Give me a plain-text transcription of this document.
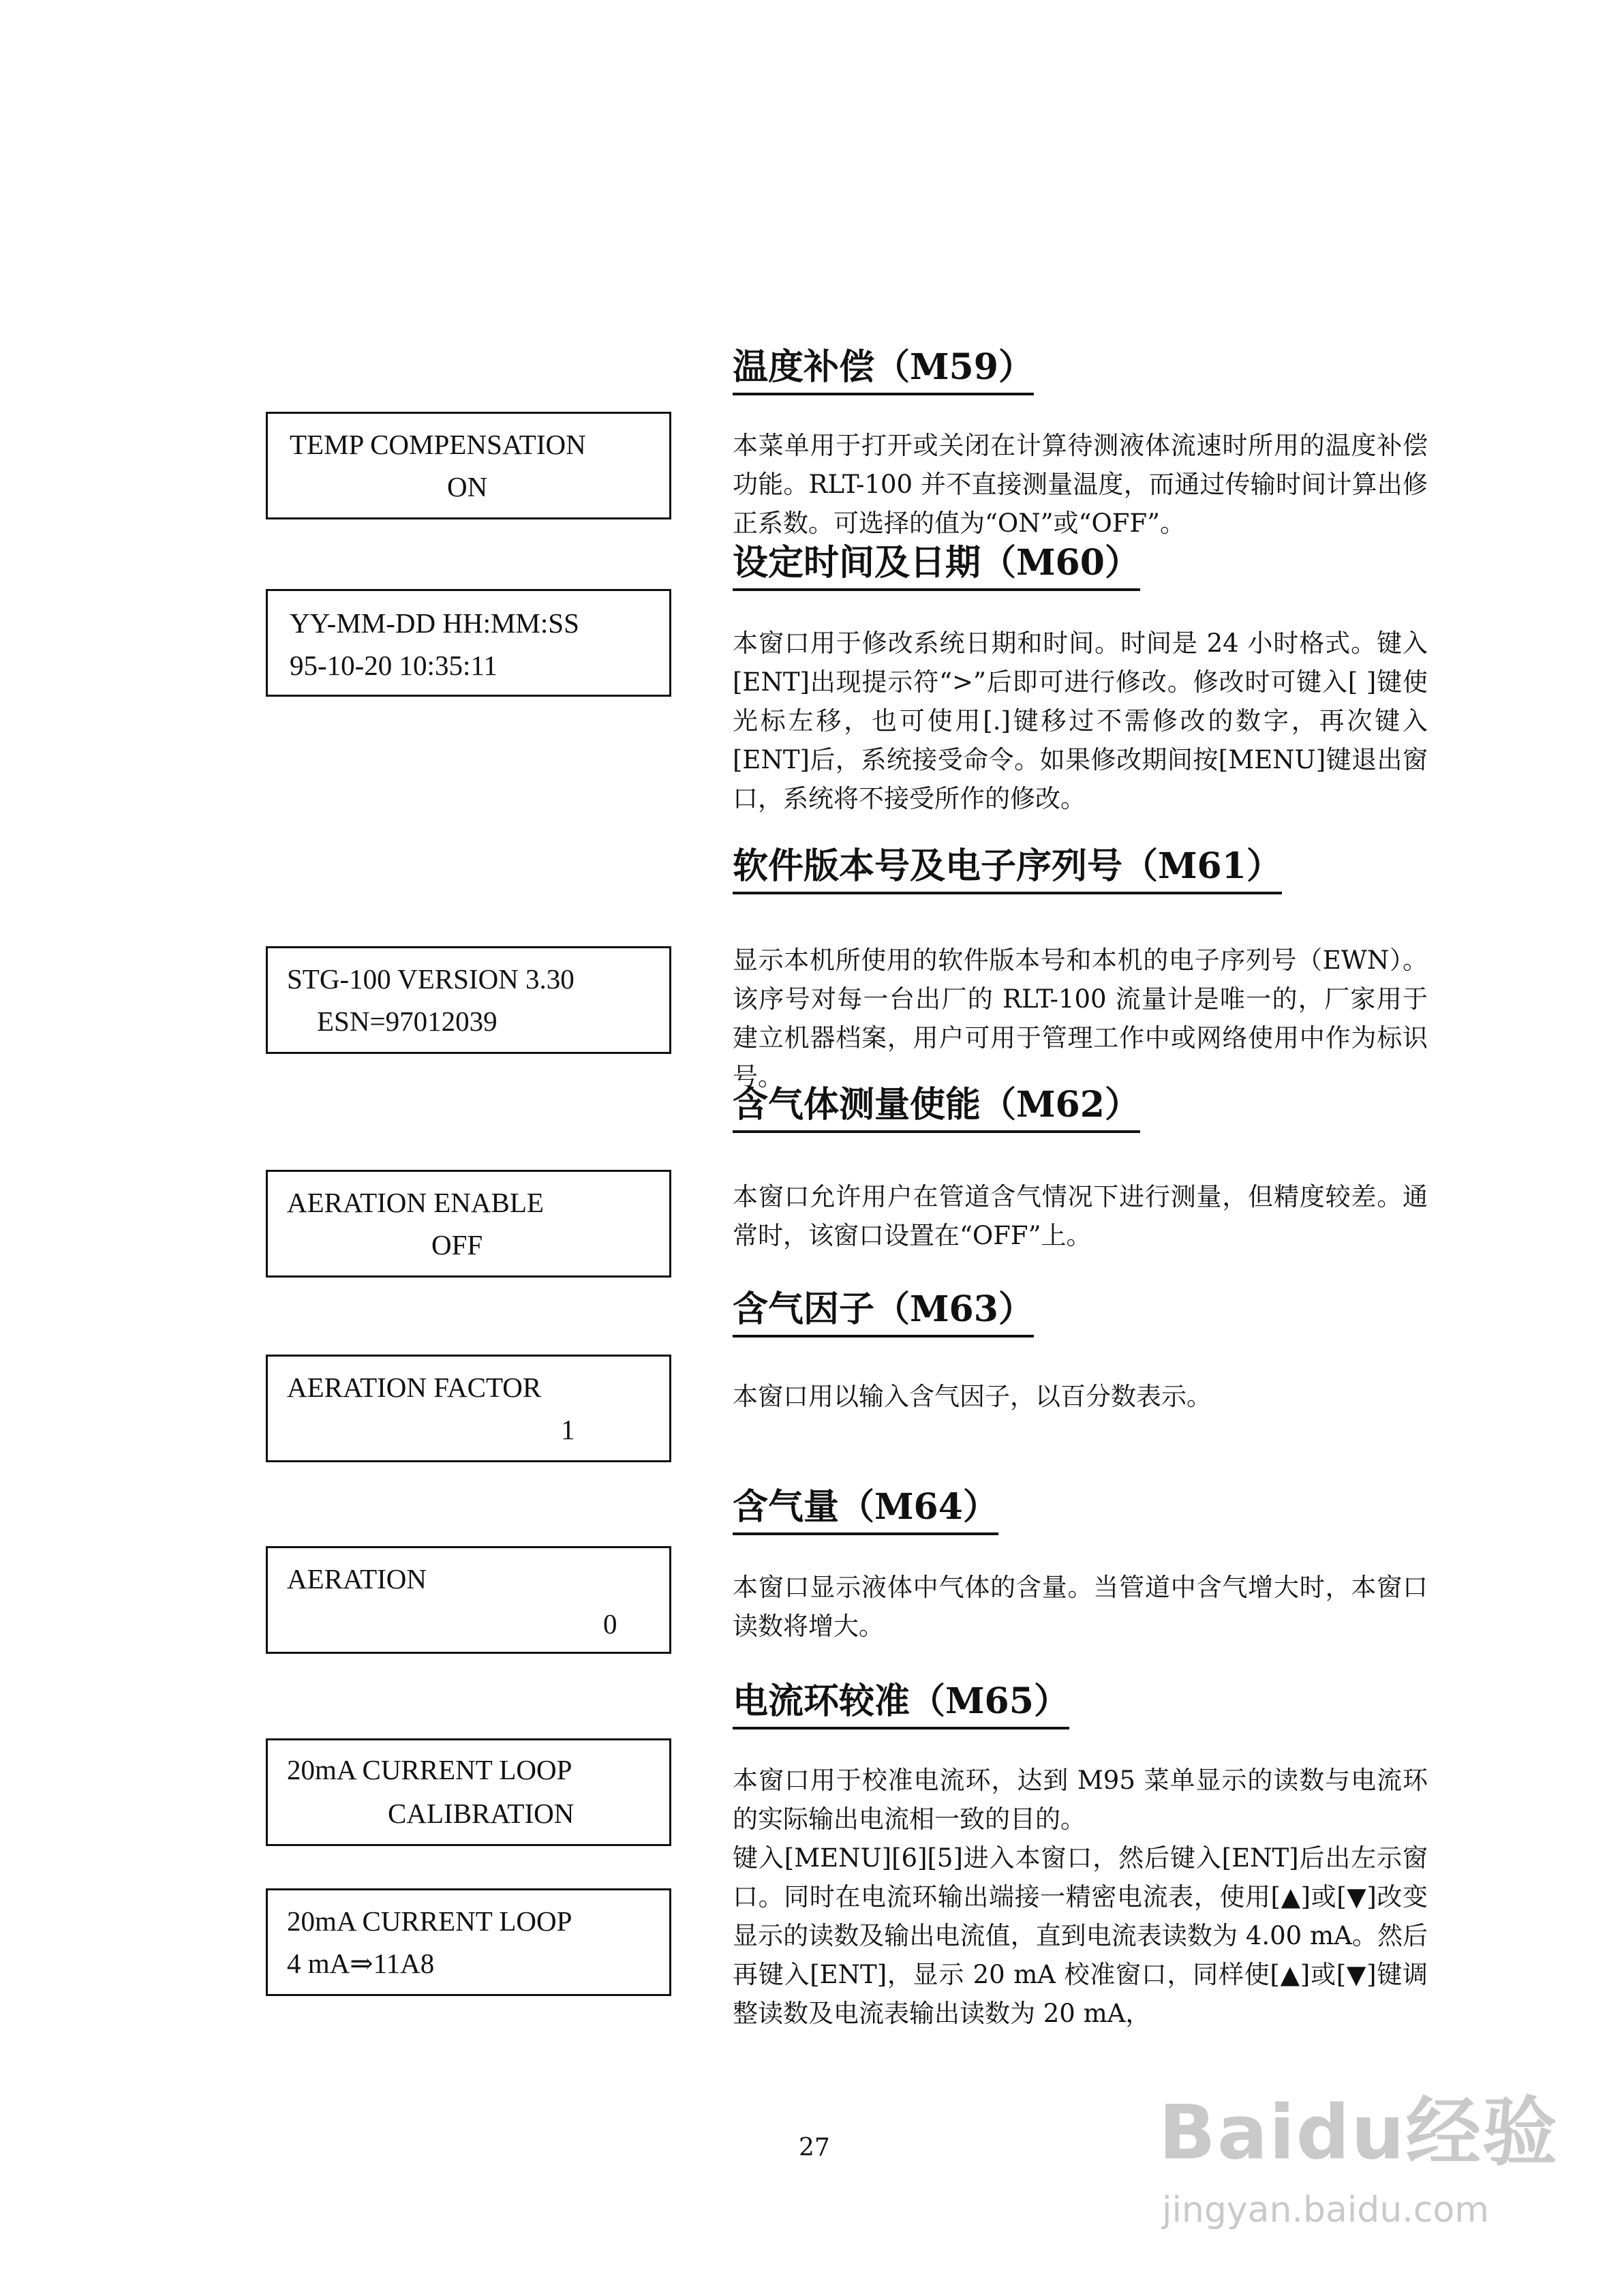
TEMP COMPENSATION
ON
YY-MM-DD HH:MM:SS
95-10-20 10:35:11
STG-100 VERSION 3.30
ESN=97012039
AERATION ENABLE
OFF
AERATION FACTOR
1
AERATION
0
20mA CURRENT LOOP
CALIBRATION
20mA CURRENT LOOP
4 mA⇒11A8
温度补偿（M59）

本菜单用于打开或关闭在计算待测液体流速时所用的温度补偿功能。RLT-100 并不直接测量温度，而通过传输时间计算出修正系数。可选择的值为“ON”或“OFF”。

设定时间及日期（M60）

本窗口用于修改系统日期和时间。时间是 24 小时格式。键入[ENT]出现提示符“>”后即可进行修改。修改时可键入[ ]键使光标左移，也可使用[.]键移过不需修改的数字，再次键入[ENT]后，系统接受命令。如果修改期间按[MENU]键退出窗口，系统将不接受所作的修改。

软件版本号及电子序列号（M61）

显示本机所使用的软件版本号和本机的电子序列号（EWN）。该序号对每一台出厂的 RLT-100 流量计是唯一的，厂家用于建立机器档案，用户可用于管理工作中或网络使用中作为标识号。

含气体测量使能（M62）

本窗口允许用户在管道含气情况下进行测量，但精度较差。通常时，该窗口设置在“OFF”上。

含气因子（M63）

本窗口用以输入含气因子，以百分数表示。

含气量（M64）

本窗口显示液体中气体的含量。当管道中含气增大时，本窗口读数将增大。

电流环较准（M65）

本窗口用于校准电流环，达到 M95 菜单显示的读数与电流环的实际输出电流相一致的目的。

键入[MENU][6][5]进入本窗口，然后键入[ENT]后出左示窗口。同时在电流环输出端接一精密电流表，使用[▲]或[▼]改变显示的读数及输出电流值，直到电流表读数为 4.00 mA。然后再键入[ENT]，显示 20 mA 校准窗口，同样使[▲]或[▼]键调整读数及电流表输出读数为 20 mA，

27	Baidu经验
jingyan.baidu.com
